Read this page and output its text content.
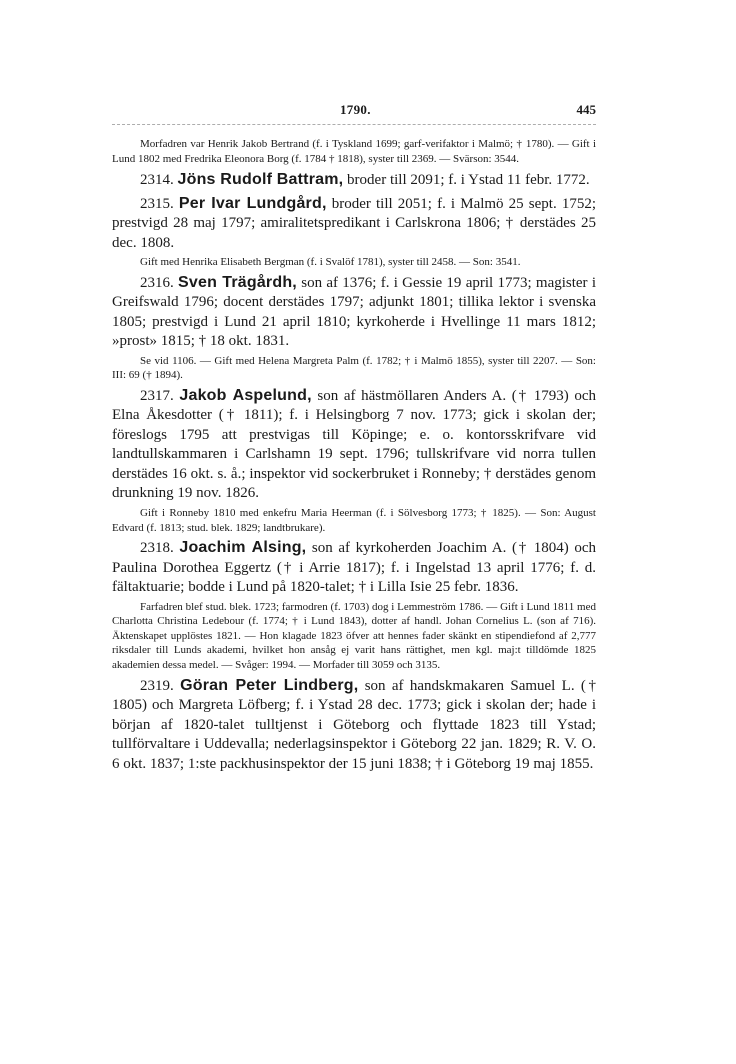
1790.	445

Morfadren var Henrik Jakob Bertrand (f. i Tyskland 1699; garf-verifaktor i Malmö; † 1780). — Gift i Lund 1802 med Fredrika Eleonora Borg (f. 1784 † 1818), syster till 2369. — Svärson: 3544.

2314. Jöns Rudolf Battram, broder till 2091; f. i Ystad 11 febr. 1772.

2315. Per Ivar Lundgård, broder till 2051; f. i Malmö 25 sept. 1752; prestvigd 28 maj 1797; amiralitetspredikant i Carlskrona 1806; † derstädes 25 dec. 1808.

Gift med Henrika Elisabeth Bergman (f. i Svalöf 1781), syster till 2458. — Son: 3541.

2316. Sven Trägårdh, son af 1376; f. i Gessie 19 april 1773; magister i Greifswald 1796; docent derstädes 1797; adjunkt 1801; tillika lektor i svenska 1805; prestvigd i Lund 21 april 1810; kyrkoherde i Hvellinge 11 mars 1812; »prost» 1815; † 18 okt. 1831.

Se vid 1106. — Gift med Helena Margreta Palm (f. 1782; † i Malmö 1855), syster till 2207. — Son: III: 69 († 1894).

2317. Jakob Aspelund, son af hästmöllaren Anders A. († 1793) och Elna Åkesdotter († 1811); f. i Helsingborg 7 nov. 1773; gick i skolan der; föreslogs 1795 att prestvigas till Köpinge; e. o. kontorsskrifvare vid landtullskammaren i Carlshamn 19 sept. 1796; tullskrifvare vid norra tullen derstädes 16 okt. s. å.; inspektor vid sockerbruket i Ronneby; † derstädes genom drunkning 19 nov. 1826.

Gift i Ronneby 1810 med enkefru Maria Heerman (f. i Sölvesborg 1773; † 1825). — Son: August Edvard (f. 1813; stud. blek. 1829; landtbrukare).

2318. Joachim Alsing, son af kyrkoherden Joachim A. († 1804) och Paulina Dorothea Eggertz († i Arrie 1817); f. i Ingelstad 13 april 1776; f. d. fältaktuarie; bodde i Lund på 1820-talet; † i Lilla Isie 25 febr. 1836.

Farfadren blef stud. blek. 1723; farmodren (f. 1703) dog i Lemmeström 1786. — Gift i Lund 1811 med Charlotta Christina Ledebour (f. 1774; † i Lund 1843), dotter af handl. Johan Cornelius L. (son af 716). Äktenskapet upplöstes 1821. — Hon klagade 1823 öfver att hennes fader skänkt en stipendiefond af 2,777 riksdaler till Lunds akademi, hvilket hon ansåg ej varit hans rättighet, men kgl. maj:t tilldömde 1825 akademien dessa medel. — Svåger: 1994. — Morfader till 3059 och 3135.

2319. Göran Peter Lindberg, son af handskmakaren Samuel L. († 1805) och Margreta Löfberg; f. i Ystad 28 dec. 1773; gick i skolan der; hade i början af 1820-talet tulltjenst i Göteborg och flyttade 1823 till Ystad; tullförvaltare i Uddevalla; nederlagsinspektor i Göteborg 22 jan. 1829; R. V. O. 6 okt. 1837; 1:ste packhusinspektor der 15 juni 1838; † i Göteborg 19 maj 1855.
